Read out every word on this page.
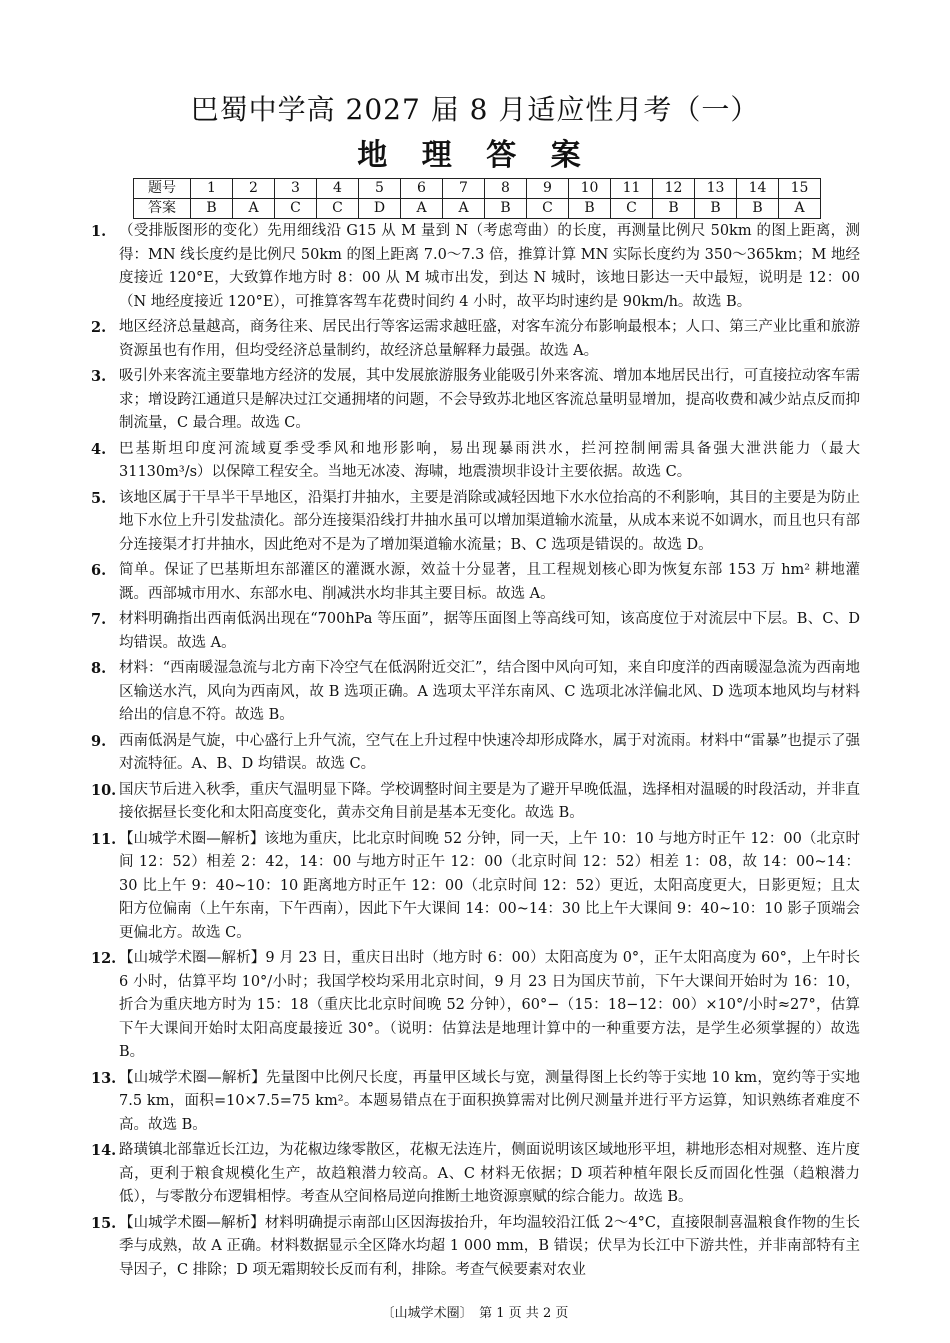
巴蜀中学高 2027 届 8 月适应性月考（一）
地 理 答 案
题号	1	2	3	4	5	6	7	8	9	10	11	12	13	14	15
答案	B	A	C	C	D	A	A	B	C	B	C	B	B	B	A
1. （受排版图形的变化）先用细线沿 G15 从 M 量到 N（考虑弯曲）的长度，再测量比例尺 50km 的图上距离，测得：MN 线长度约是比例尺 50km 的图上距离 7.0～7.3 倍，推算计算 MN 实际长度约为 350～365km；M 地经度接近 120°E，大致算作地方时 8：00 从 M 城市出发，到达 N 城时，该地日影达一天中最短，说明是 12：00（N 地经度接近 120°E），可推算客驾车花费时间约 4 小时，故平均时速约是 90km/h。故选 B。
2. 地区经济总量越高，商务往来、居民出行等客运需求越旺盛，对客车流分布影响最根本；人口、第三产业比重和旅游资源虽也有作用，但均受经济总量制约，故经济总量解释力最强。故选 A。
3. 吸引外来客流主要靠地方经济的发展，其中发展旅游服务业能吸引外来客流、增加本地居民出行，可直接拉动客车需求；增设跨江通道只是解决过江交通拥堵的问题，不会导致苏北地区客流总量明显增加，提高收费和减少站点反而抑制流量，C 最合理。故选 C。
4. 巴基斯坦印度河流域夏季受季风和地形影响，易出现暴雨洪水，拦河控制闸需具备强大泄洪能力（最大 31130m³/s）以保障工程安全。当地无冰凌、海啸，地震溃坝非设计主要依据。故选 C。
5. 该地区属于干旱半干旱地区，沿渠打井抽水，主要是消除或减轻因地下水水位抬高的不利影响，其目的主要是为防止地下水位上升引发盐渍化。部分连接渠沿线打井抽水虽可以增加渠道输水流量，从成本来说不如调水，而且也只有部分连接渠才打井抽水，因此绝对不是为了增加渠道输水流量；B、C 选项是错误的。故选 D。
6. 简单。保证了巴基斯坦东部灌区的灌溉水源，效益十分显著，且工程规划核心即为恢复东部 153 万 hm² 耕地灌溉。西部城市用水、东部水电、削减洪水均非其主要目标。故选 A。
7. 材料明确指出西南低涡出现在“700hPa 等压面”，据等压面图上等高线可知，该高度位于对流层中下层。B、C、D 均错误。故选 A。
8. 材料：“西南暖湿急流与北方南下冷空气在低涡附近交汇”，结合图中风向可知，来自印度洋的西南暖湿急流为西南地区输送水汽，风向为西南风，故 B 选项正确。A 选项太平洋东南风、C 选项北冰洋偏北风、D 选项本地风均与材料给出的信息不符。故选 B。
9. 西南低涡是气旋，中心盛行上升气流，空气在上升过程中快速冷却形成降水，属于对流雨。材料中“雷暴”也提示了强对流特征。A、B、D 均错误。故选 C。
10. 国庆节后进入秋季，重庆气温明显下降。学校调整时间主要是为了避开早晚低温，选择相对温暖的时段活动，并非直接依据昼长变化和太阳高度变化，黄赤交角目前是基本无变化。故选 B。
11. 【山城学术圈—解析】该地为重庆，比北京时间晚 52 分钟，同一天，上午 10：10 与地方时正午 12：00（北京时间 12：52）相差 2：42，14：00 与地方时正午 12：00（北京时间 12：52）相差 1：08，故 14：00~14：30 比上午 9：40~10：10 距离地方时正午 12：00（北京时间 12：52）更近，太阳高度更大，日影更短；且太阳方位偏南（上午东南，下午西南），因此下午大课间 14：00~14：30 比上午大课间 9：40~10：10 影子顶端会更偏北方。故选 C。
12. 【山城学术圈—解析】9 月 23 日，重庆日出时（地方时 6：00）太阳高度为 0°，正午太阳高度为 60°，上午时长 6 小时，估算平均 10°/小时；我国学校均采用北京时间，9 月 23 日为国庆节前，下午大课间开始时为 16：10，折合为重庆地方时为 15：18（重庆比北京时间晚 52 分钟），60°−（15：18−12：00）×10°/小时≈27°，估算下午大课间开始时太阳高度最接近 30°。（说明：估算法是地理计算中的一种重要方法，是学生必须掌握的）故选 B。
13. 【山城学术圈—解析】先量图中比例尺长度，再量甲区域长与宽，测量得图上长约等于实地 10 km，宽约等于实地 7.5 km，面积=10×7.5=75 km²。本题易错点在于面积换算需对比例尺测量并进行平方运算，知识熟练者难度不高。故选 B。
14. 路璜镇北部靠近长江边，为花椒边缘零散区，花椒无法连片，侧面说明该区域地形平坦，耕地形态相对规整、连片度高，更利于粮食规模化生产，故趋粮潜力较高。A、C 材料无依据；D 项若种植年限长反而固化性强（趋粮潜力低），与零散分布逻辑相悖。考查从空间格局逆向推断土地资源禀赋的综合能力。故选 B。
15. 【山城学术圈—解析】材料明确提示南部山区因海拔抬升，年均温较沿江低 2～4°C，直接限制喜温粮食作物的生长季与成熟，故 A 正确。材料数据显示全区降水均超 1 000 mm，B 错误；伏旱为长江中下游共性，并非南部特有主导因子，C 排除；D 项无霜期较长反而有利，排除。考查气候要素对农业
〔山城学术圈〕　第 1 页 共 2 页
